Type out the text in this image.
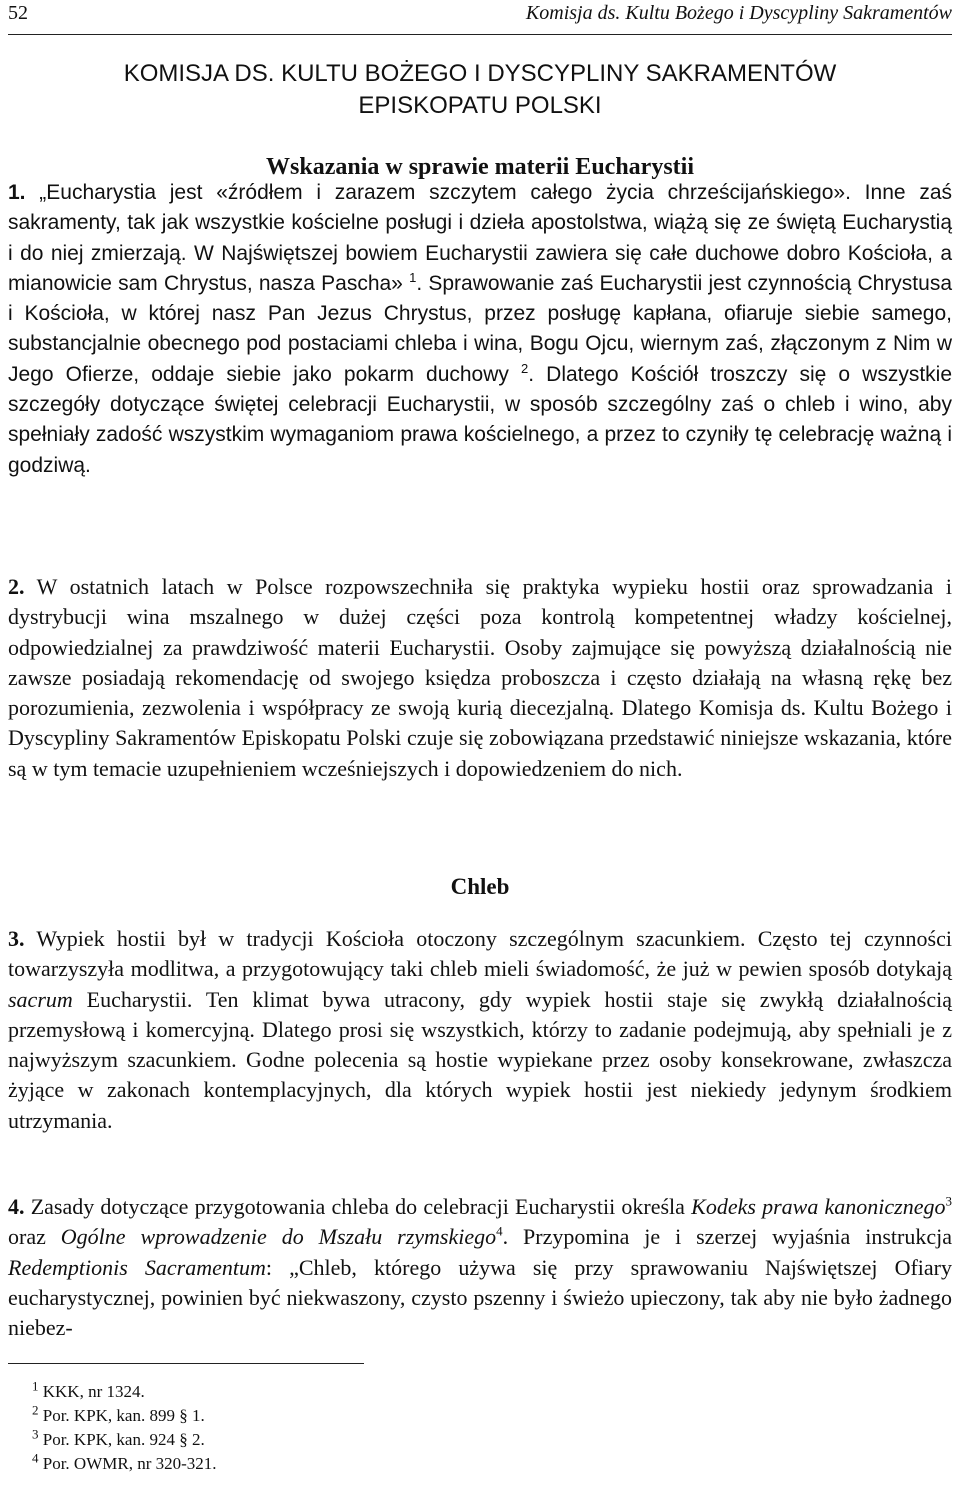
52	Komisja ds. Kultu Bożego i Dyscypliny Sakramentów
KOMISJA DS. KULTU BOŻEGO I DYSCYPLINY SAKRAMENTÓW
EPISKOPATU POLSKI
Wskazania w sprawie materii Eucharystii
1. „Eucharystia jest «źródłem i zarazem szczytem całego życia chrześcijańskiego». Inne zaś sakramenty, tak jak wszystkie kościelne posługi i dzieła apostolstwa, wiążą się ze świętą Eucharystią i do niej zmierzają. W Najświętszej bowiem Eucharystii zawiera się całe duchowe dobro Kościoła, a mianowicie sam Chrystus, nasza Pascha» $^1$. Sprawowanie zaś Eucharystii jest czynnością Chrystusa i Kościoła, w której nasz Pan Jezus Chrystus, przez posługę kapłana, ofiaruje siebie samego, substancjalnie obecnego pod postaciami chleba i wina, Bogu Ojcu, wiernym zaś, złączonym z Nim w Jego Ofierze, oddaje siebie jako pokarm duchowy $^2$. Dlatego Kościół troszczy się o wszystkie szczegóły dotyczące świętej celebracji Eucharystii, w sposób szczególny zaś o chleb i wino, aby spełniały zadość wszystkim wymaganiom prawa kościelnego, a przez to czyniły tę celebrację ważną i godziwą.
2. W ostatnich latach w Polsce rozpowszechniła się praktyka wypieku hostii oraz sprowadzania i dystrybucji wina mszalnego w dużej części poza kontrolą kompetentnej władzy kościelnej, odpowiedzialnej za prawdziwość materii Eucharystii. Osoby zajmujące się powyższą działalnością nie zawsze posiadają rekomendację od swojego księdza proboszcza i często działają na własną rękę bez porozumienia, zezwolenia i współpracy ze swoją kurią diecezjalną. Dlatego Komisja ds. Kultu Bożego i Dyscypliny Sakramentów Episkopatu Polski czuje się zobowiązana przedstawić niniejsze wskazania, które są w tym temacie uzupełnieniem wcześniejszych i dopowiedzeniem do nich.
Chleb
3. Wypiek hostii był w tradycji Kościoła otoczony szczególnym szacunkiem. Często tej czynności towarzyszyła modlitwa, a przygotowujący taki chleb mieli świadomość, że już w pewien sposób dotykają sacrum Eucharystii. Ten klimat bywa utracony, gdy wypiek hostii staje się zwykłą działalnością przemysłową i komercyjną. Dlatego prosi się wszystkich, którzy to zadanie podejmują, aby spełniali je z najwyższym szacunkiem. Godne polecenia są hostie wypiekane przez osoby konsekrowane, zwłaszcza żyjące w zakonach kontemplacyjnych, dla których wypiek hostii jest niekiedy jedynym środkiem utrzymania.
4. Zasady dotyczące przygotowania chleba do celebracji Eucharystii określa Kodeks prawa kanonicznego$^3$ oraz Ogólne wprowadzenie do Mszału rzymskiego$^4$. Przypomina je i szerzej wyjaśnia instrukcja Redemptionis Sacramentum: „Chleb, którego używa się przy sprawowaniu Najświętszej Ofiary eucharystycznej, powinien być niekwaszony, czysto pszenny i świeżo upieczony, tak aby nie było żadnego niebez-
$^1$ KKK, nr 1324.
$^2$ Por. KPK, kan. 899 § 1.
$^3$ Por. KPK, kan. 924 § 2.
$^4$ Por. OWMR, nr 320-321.
